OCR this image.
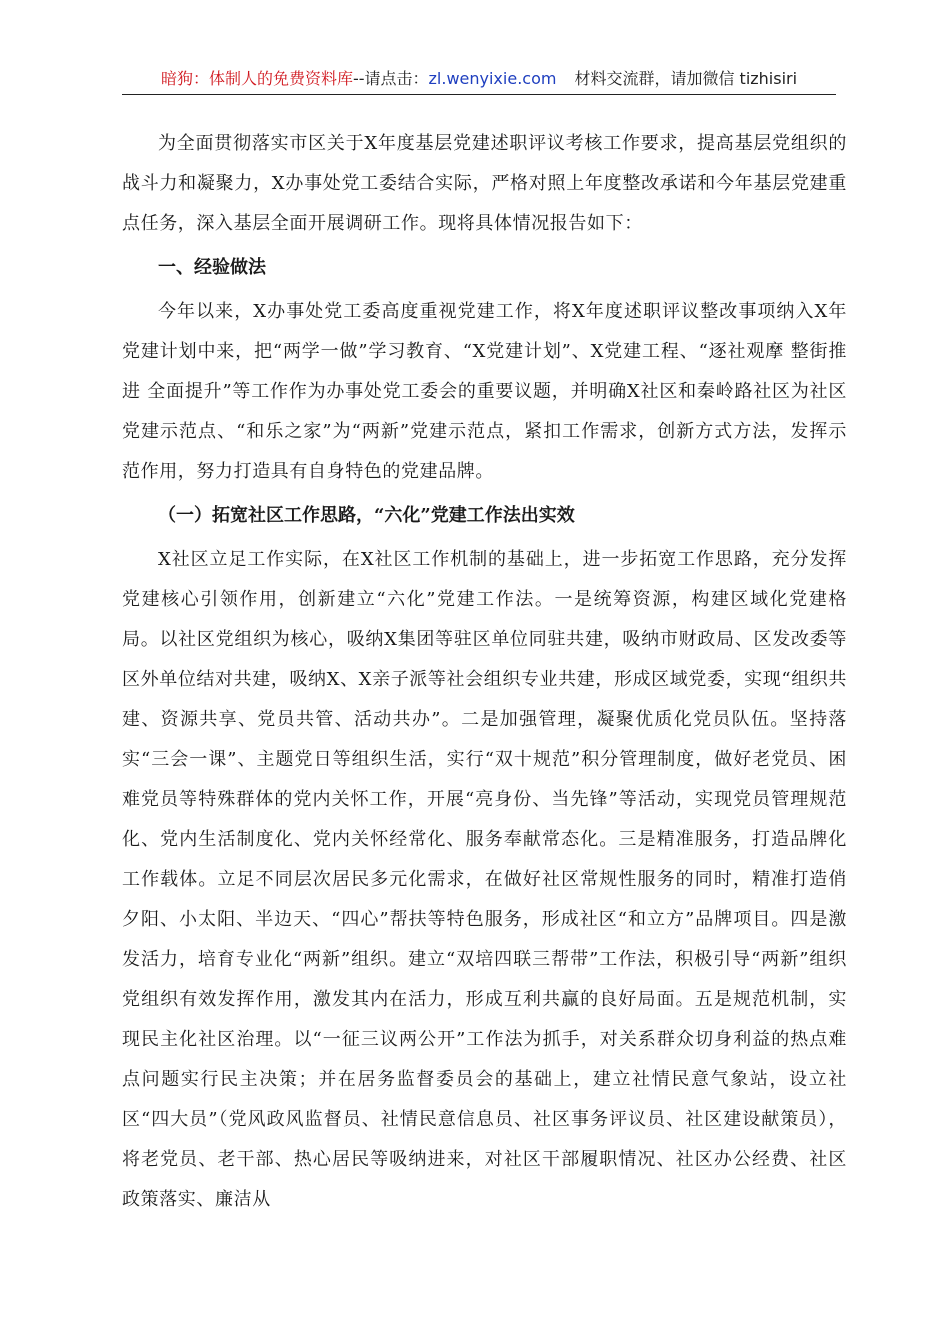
暗狗：体制人的免费资料库--请点击：zl.wenyixie.com 材料交流群，请加微信 tizhisiri

为全面贯彻落实市区关于X年度基层党建述职评议考核工作要求，提高基层党组织的战斗力和凝聚力，X办事处党工委结合实际，严格对照上年度整改承诺和今年基层党建重点任务，深入基层全面开展调研工作。现将具体情况报告如下：

一、经验做法

今年以来，X办事处党工委高度重视党建工作，将X年度述职评议整改事项纳入X年党建计划中来，把“两学一做”学习教育、“X党建计划”、X党建工程、“逐社观摩 整街推进 全面提升”等工作作为办事处党工委会的重要议题，并明确X社区和秦岭路社区为社区党建示范点、“和乐之家”为“两新”党建示范点，紧扣工作需求，创新方式方法，发挥示范作用，努力打造具有自身特色的党建品牌。

（一）拓宽社区工作思路，“六化”党建工作法出实效

X社区立足工作实际，在X社区工作机制的基础上，进一步拓宽工作思路，充分发挥党建核心引领作用，创新建立“六化”党建工作法。一是统筹资源，构建区域化党建格局。以社区党组织为核心，吸纳X集团等驻区单位同驻共建，吸纳市财政局、区发改委等区外单位结对共建，吸纳X、X亲子派等社会组织专业共建，形成区域党委，实现“组织共建、资源共享、党员共管、活动共办”。二是加强管理，凝聚优质化党员队伍。坚持落实“三会一课”、主题党日等组织生活，实行“双十规范”积分管理制度，做好老党员、困难党员等特殊群体的党内关怀工作，开展“亮身份、当先锋”等活动，实现党员管理规范化、党内生活制度化、党内关怀经常化、服务奉献常态化。三是精准服务，打造品牌化工作载体。立足不同层次居民多元化需求，在做好社区常规性服务的同时，精准打造俏夕阳、小太阳、半边天、“四心”帮扶等特色服务，形成社区“和立方”品牌项目。四是激发活力，培育专业化“两新”组织。建立“双培四联三帮带”工作法，积极引导“两新”组织党组织有效发挥作用，激发其内在活力，形成互利共赢的良好局面。五是规范机制，实现民主化社区治理。以“一征三议两公开”工作法为抓手，对关系群众切身利益的热点难点问题实行民主决策；并在居务监督委员会的基础上，建立社情民意气象站，设立社区“四大员”（党风政风监督员、社情民意信息员、社区事务评议员、社区建设献策员），将老党员、老干部、热心居民等吸纳进来，对社区干部履职情况、社区办公经费、社区政策落实、廉洁从
